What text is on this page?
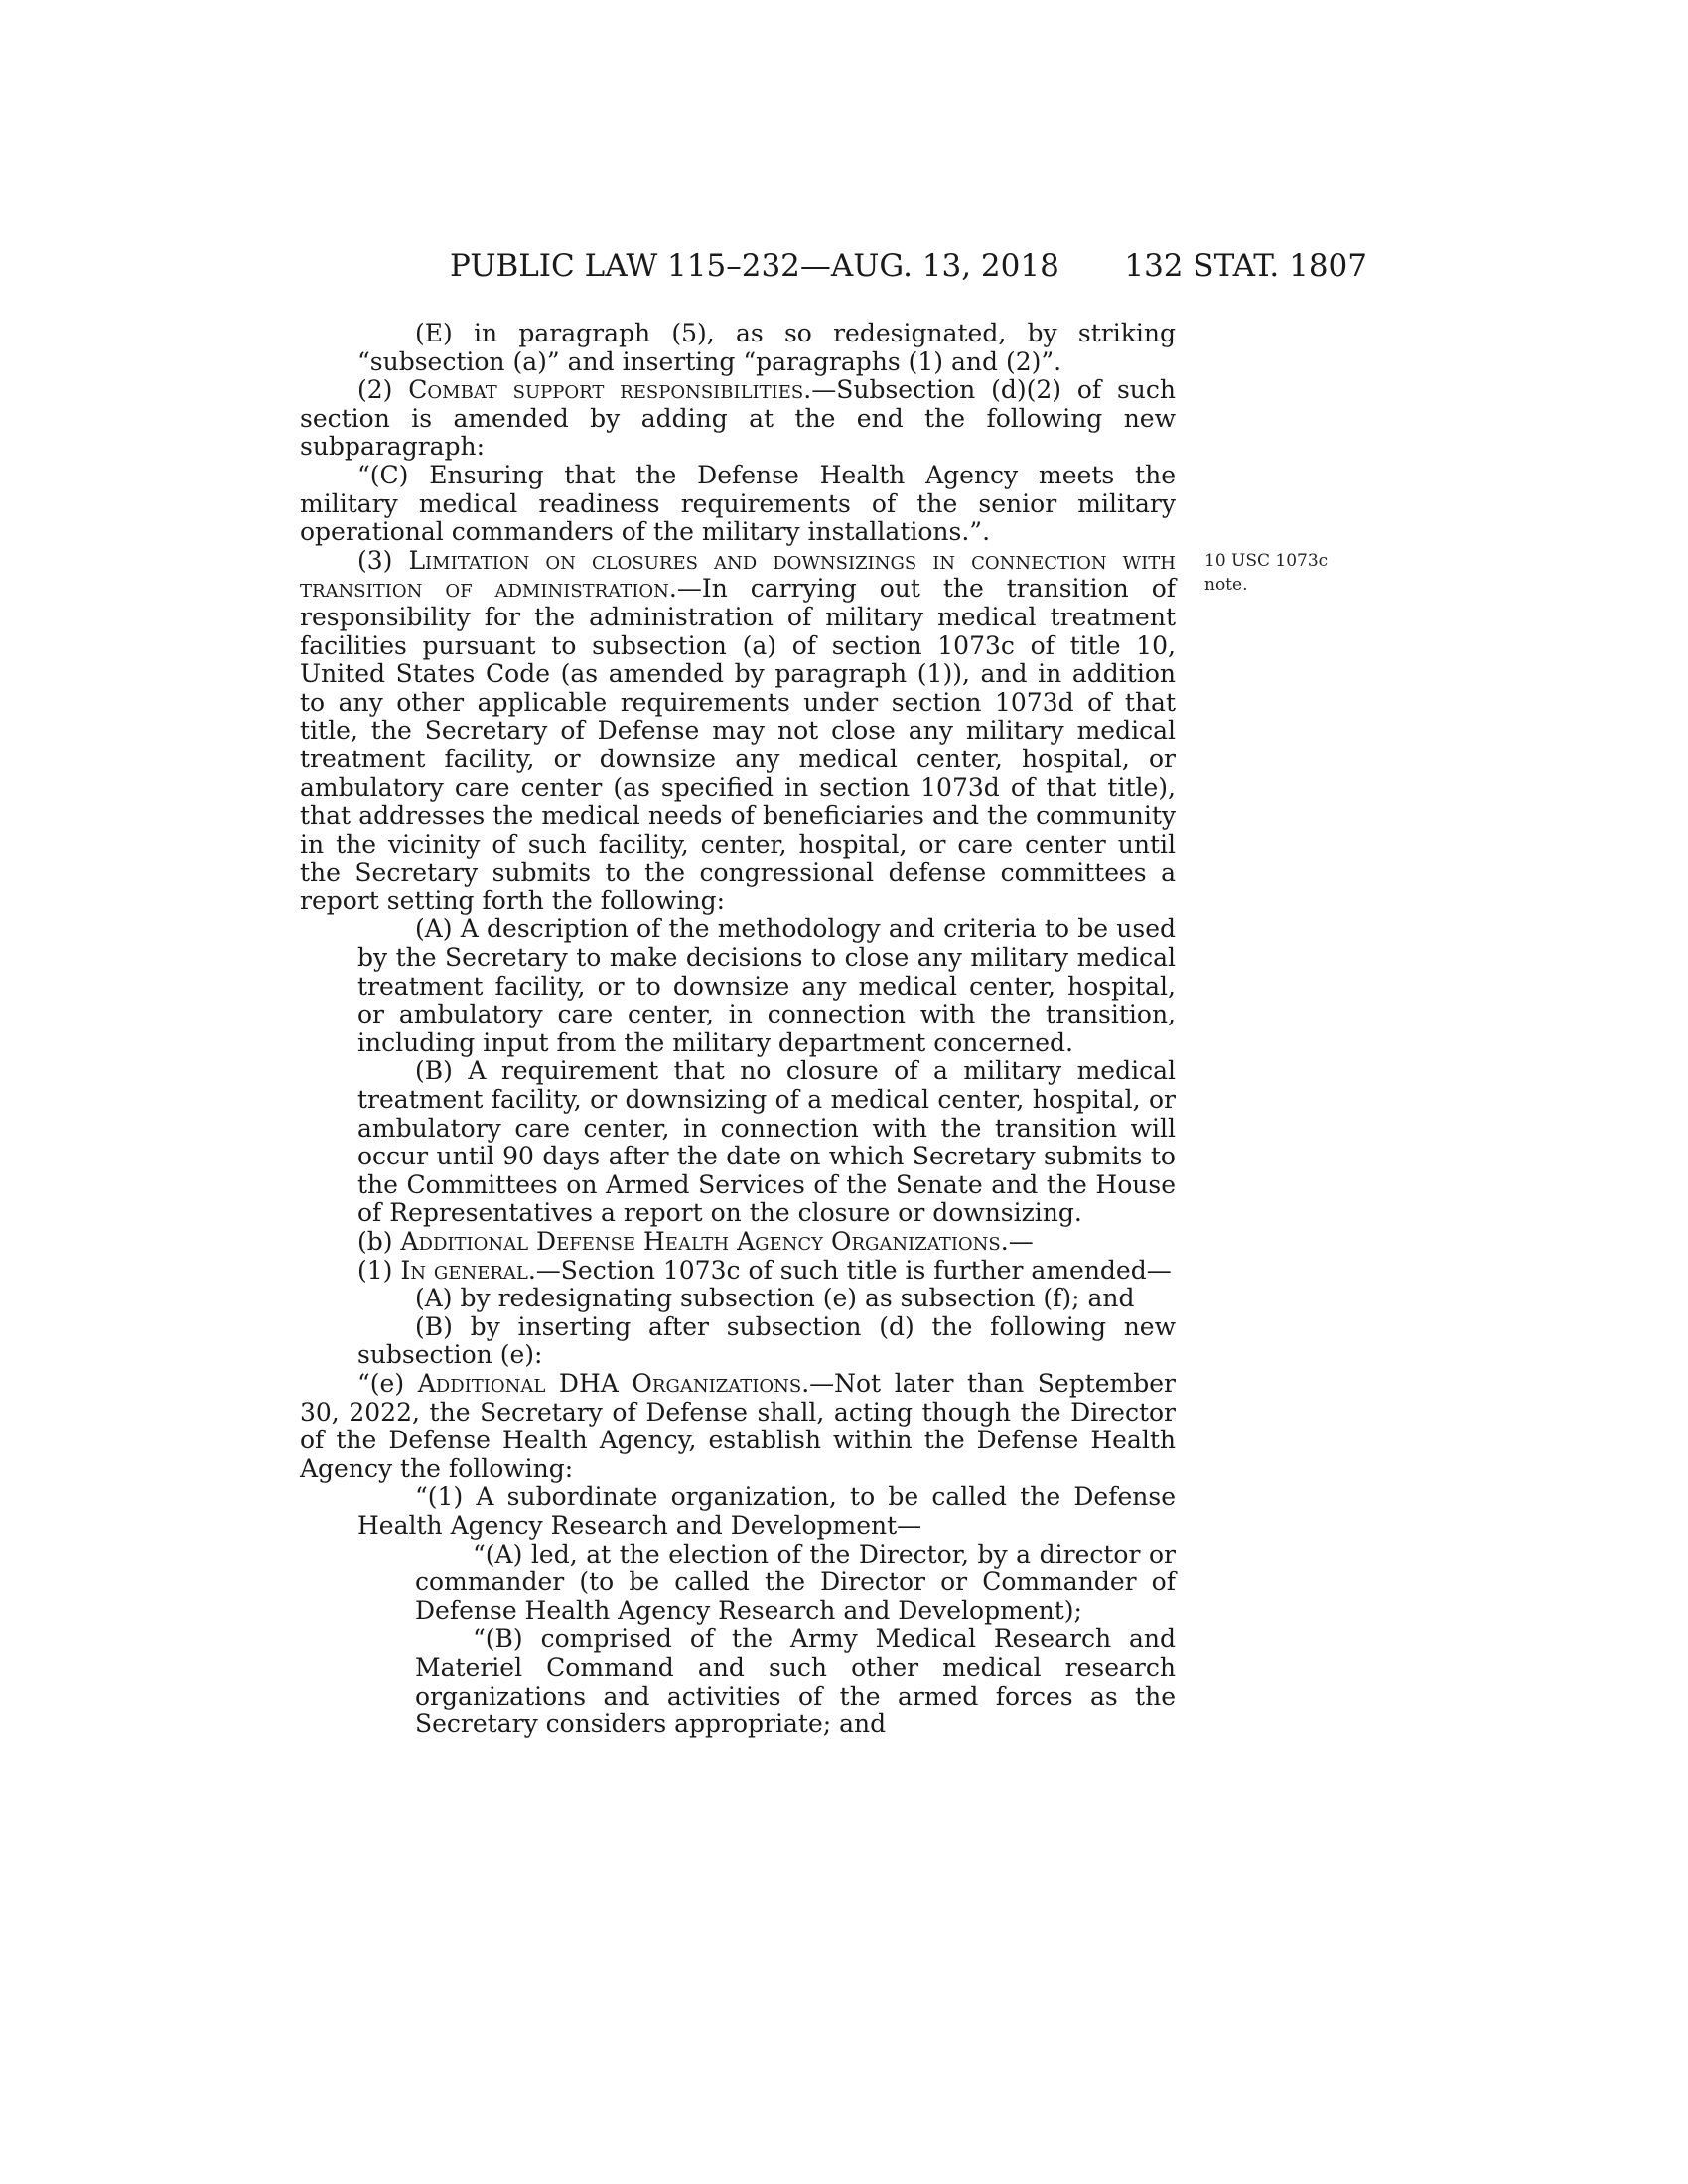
PUBLIC LAW 115–232—AUG. 13, 2018 132 STAT. 1807
10 USC 1073c
note.

(E) in paragraph (5), as so redesignated, by striking “subsection (a)” and inserting “paragraphs (1) and (2)”.

(2) Combat support responsibilities.—Subsection (d)(2) of such section is amended by adding at the end the following new subparagraph:

“(C) Ensuring that the Defense Health Agency meets the military medical readiness requirements of the senior military operational commanders of the military installations.”.

(3) Limitation on closures and downsizings in connection with transition of administration.—In carrying out the transition of responsibility for the administration of military medical treatment facilities pursuant to subsection (a) of section 1073c of title 10, United States Code (as amended by paragraph (1)), and in addition to any other applicable requirements under section 1073d of that title, the Secretary of Defense may not close any military medical treatment facility, or downsize any medical center, hospital, or ambulatory care center (as specified in section 1073d of that title), that addresses the medical needs of beneficiaries and the community in the vicinity of such facility, center, hospital, or care center until the Secretary submits to the congressional defense committees a report setting forth the following:

(A) A description of the methodology and criteria to be used by the Secretary to make decisions to close any military medical treatment facility, or to downsize any medical center, hospital, or ambulatory care center, in connection with the transition, including input from the military department concerned.

(B) A requirement that no closure of a military medical treatment facility, or downsizing of a medical center, hospital, or ambulatory care center, in connection with the transition will occur until 90 days after the date on which Secretary submits to the Committees on Armed Services of the Senate and the House of Representatives a report on the closure or downsizing.

(b) Additional Defense Health Agency Organizations.—

(1) In general.—Section 1073c of such title is further amended—

(A) by redesignating subsection (e) as subsection (f); and

(B) by inserting after subsection (d) the following new subsection (e):

“(e) Additional DHA Organizations.—Not later than September 30, 2022, the Secretary of Defense shall, acting though the Director of the Defense Health Agency, establish within the Defense Health Agency the following:

“(1) A subordinate organization, to be called the Defense Health Agency Research and Development—

“(A) led, at the election of the Director, by a director or commander (to be called the Director or Commander of Defense Health Agency Research and Development);

“(B) comprised of the Army Medical Research and Materiel Command and such other medical research organizations and activities of the armed forces as the Secretary considers appropriate; and
